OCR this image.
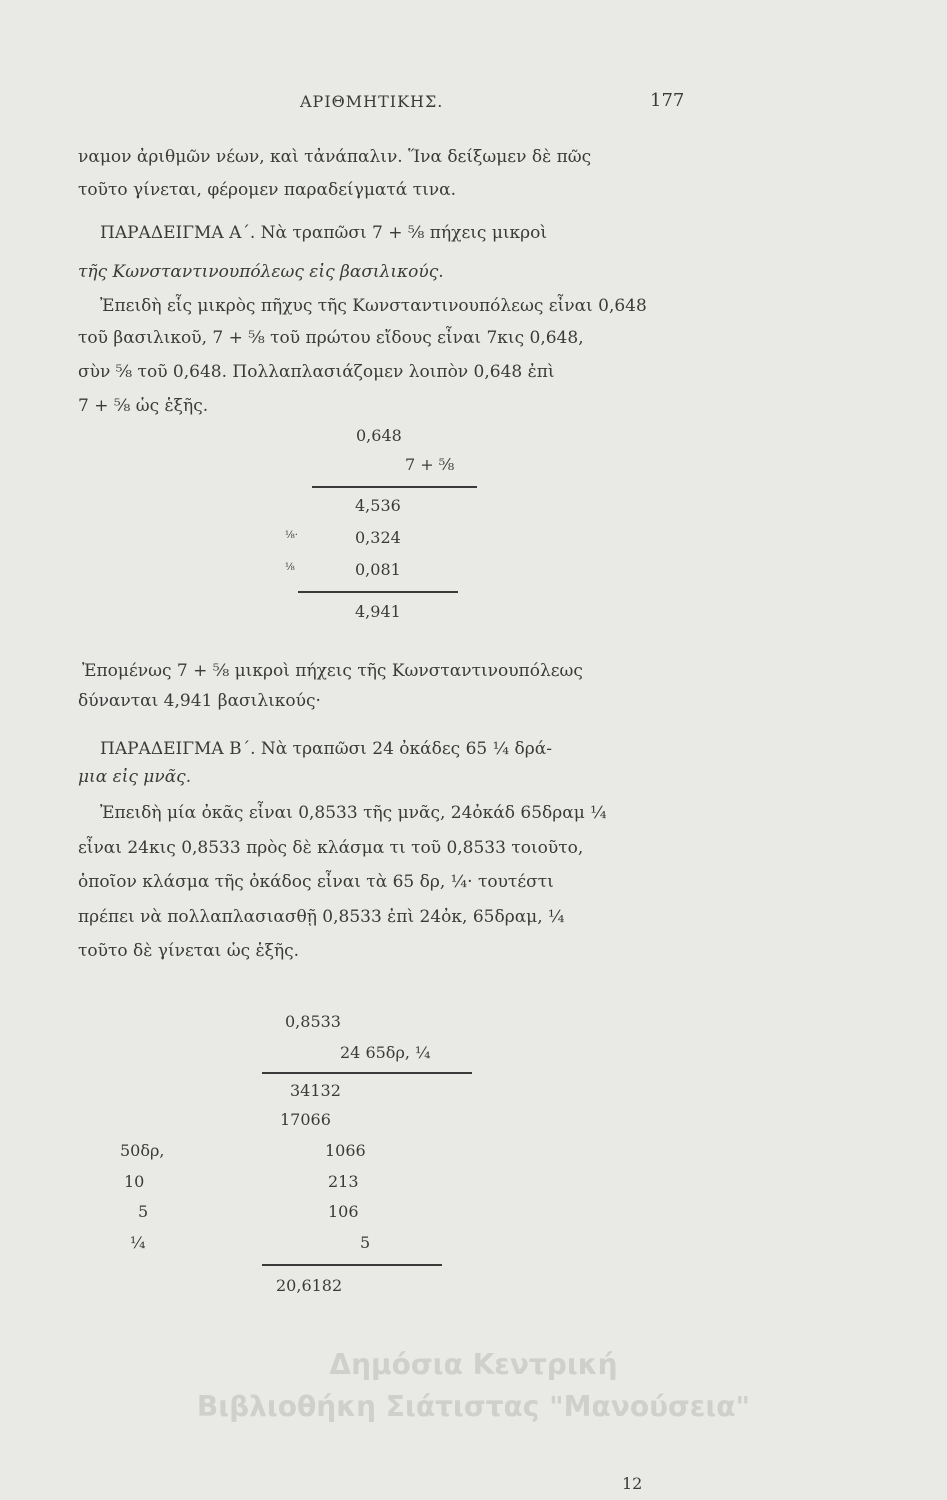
ΑΡΙΘΜΗΤΙΚΗΣ.	177
ναμον ἀριθμῶν νέων, καὶ τἀνάπαλιν. Ἵνα δείξωμεν δὲ πῶς
τοῦτο γίνεται, φέρομεν παραδείγματά τινα.
ΠΑΡΑΔΕΙΓΜΑ Α΄. Νὰ τραπῶσι 7 + ⅝ πήχεις μικροὶ
τῆς Κωνσταντινουπόλεως εἰς βασιλικούς.
Ἐπειδὴ εἷς μικρὸς πῆχυς τῆς Κωνσταντινουπόλεως εἶναι 0,648
τοῦ βασιλικοῦ, 7 + ⅝ τοῦ πρώτου εἴδους εἶναι 7κις 0,648,
σὺν ⅝ τοῦ 0,648. Πολλαπλασιάζομεν λοιπὸν 0,648 ἐπὶ
7 + ⅝ ὡς ἑξῆς.
0,648
7 + ⅝
4,536
⅛·	0,324
⅛	0,081
4,941
Ἐπομένως 7 + ⅝ μικροὶ πήχεις τῆς Κωνσταντινουπόλεως
δύνανται 4,941 βασιλικούς·
ΠΑΡΑΔΕΙΓΜΑ Β΄. Νὰ τραπῶσι 24 ὀκάδες 65 ¼ δρά-
μια εἰς μνᾶς.
Ἐπειδὴ μία ὀκᾶς εἶναι 0,8533 τῆς μνᾶς, 24ὀκάδ 65δραμ ¼
εἶναι 24κις 0,8533 πρὸς δὲ κλάσμα τι τοῦ 0,8533 τοιοῦτο,
ὁποῖον κλάσμα τῆς ὀκάδος εἶναι τὰ 65 δρ, ¼· τουτέστι
πρέπει νὰ πολλαπλασιασθῇ 0,8533 ἐπὶ 24ὀκ, 65δραμ, ¼
τοῦτο δὲ γίνεται ὡς ἑξῆς.
0,8533
24 65δρ, ¼
34132
17066
50δρ,	1066
10	213
5	106
¼	5
20,6182
12
Δημόσια Κεντρική
Βιβλιοθήκη Σιάτιστας "Μανούσεια"
